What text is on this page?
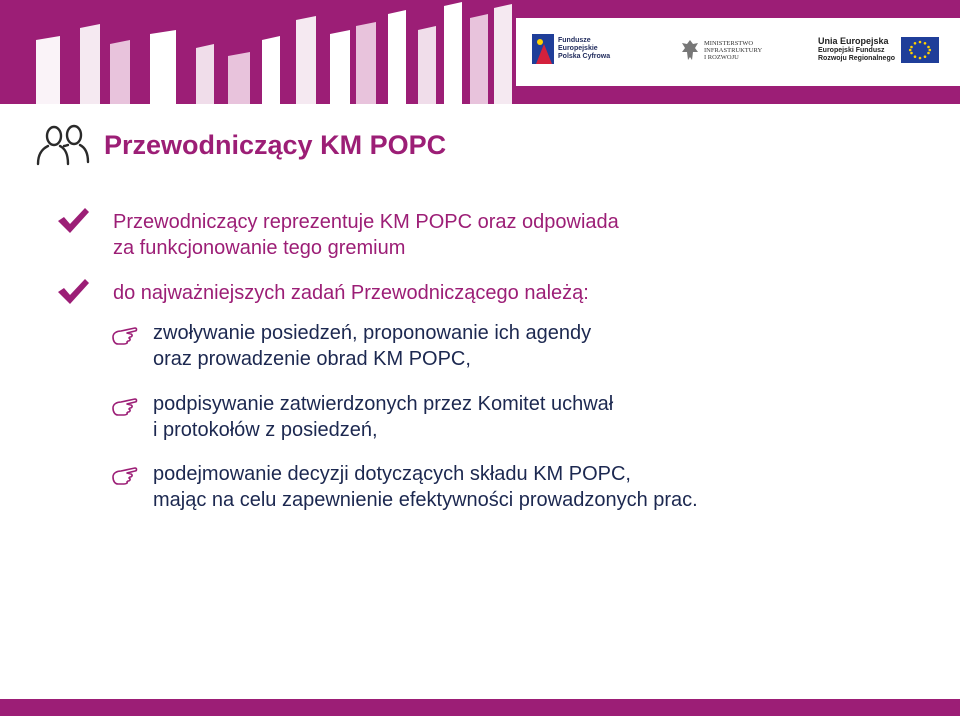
Fundusze
Europejskie
Polska Cyfrowa
MINISTERSTWO
INFRASTRUKTURY
I ROZWOJU
Unia Europejska
Europejski Fundusz
Rozwoju Regionalnego
Przewodniczący KM POPC
Przewodniczący reprezentuje KM POPC oraz odpowiada
za funkcjonowanie tego gremium
do najważniejszych zadań Przewodniczącego należą:
zwoływanie posiedzeń, proponowanie ich agendy
oraz prowadzenie obrad KM POPC,
podpisywanie zatwierdzonych przez Komitet uchwał
i protokołów z posiedzeń,
podejmowanie decyzji dotyczących składu KM POPC,
mając na celu zapewnienie efektywności prowadzonych prac.
